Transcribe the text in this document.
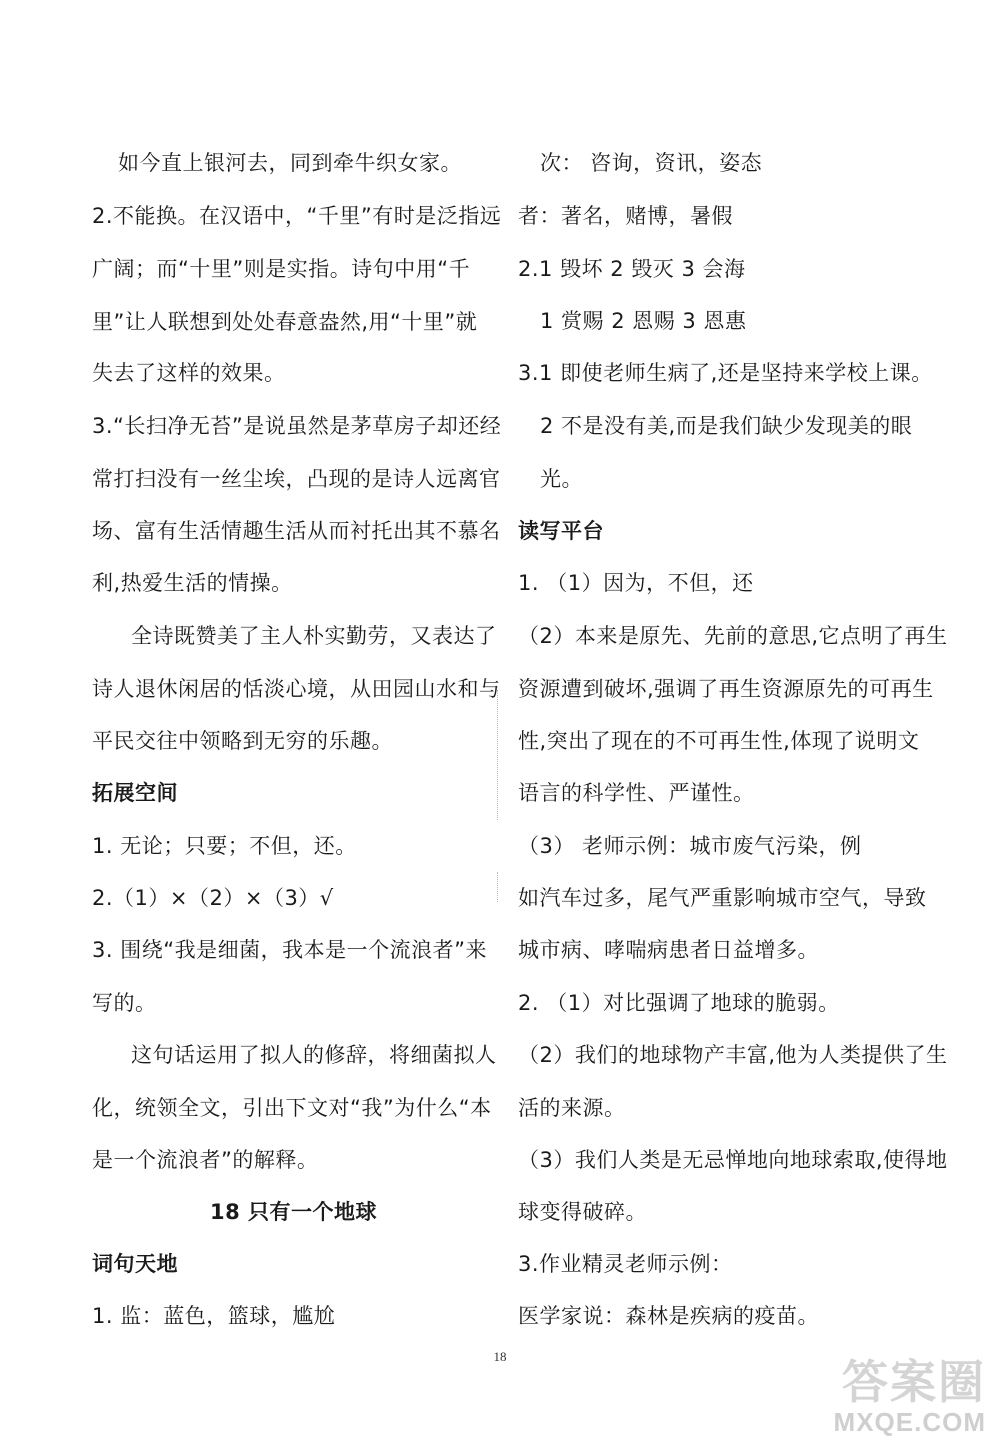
如今直上银河去，同到牵牛织女家。
2.不能换。在汉语中，“千里”有时是泛指远
广阔；而“十里”则是实指。诗句中用“千
里”让人联想到处处春意盎然,用“十里”就
失去了这样的效果。
3.“长扫净无苔”是说虽然是茅草房子却还经
常打扫没有一丝尘埃，凸现的是诗人远离官
场、富有生活情趣生活从而衬托出其不慕名
利,热爱生活的情操。
全诗既赞美了主人朴实勤劳，又表达了
诗人退休闲居的恬淡心境，从田园山水和与
平民交往中领略到无穷的乐趣。
拓展空间
1. 无论；只要；不但，还。
2.（1）×（2）×（3）√
3. 围绕“我是细菌，我本是一个流浪者”来
写的。
这句话运用了拟人的修辞，将细菌拟人
化，统领全文，引出下文对“我”为什么“本
是一个流浪者”的解释。
18 只有一个地球
词句天地
1. 监：蓝色，篮球，尴尬
次： 咨询，资讯，姿态
者：著名，赌博，暑假
2.1 毁坏 2 毁灭 3 会海
1 赏赐 2 恩赐 3 恩惠
3.1 即使老师生病了,还是坚持来学校上课。
2 不是没有美,而是我们缺少发现美的眼
光。
读写平台
1. （1）因为，不但，还
（2）本来是原先、先前的意思,它点明了再生
资源遭到破坏,强调了再生资源原先的可再生
性,突出了现在的不可再生性,体现了说明文
语言的科学性、严谨性。
（3） 老师示例：城市废气污染，例
如汽车过多，尾气严重影响城市空气，导致
城市病、哮喘病患者日益增多。
2. （1）对比强调了地球的脆弱。
（2）我们的地球物产丰富,他为人类提供了生
活的来源。
（3）我们人类是无忌惮地向地球索取,使得地
球变得破碎。
3.作业精灵老师示例：
医学家说：森林是疾病的疫苗。
18	答案圈
MXQE.COM
